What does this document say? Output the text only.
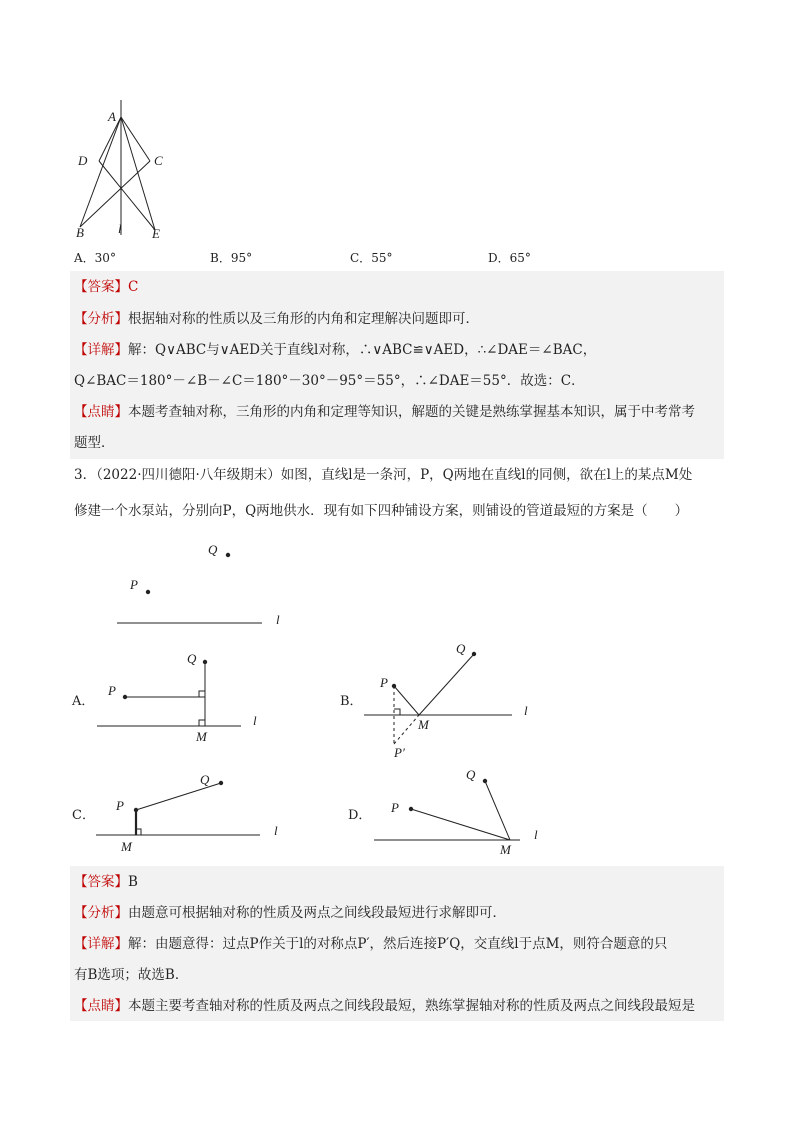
A
D	C
B	E
l
A．30°	B．95°	C．55°	D．65°
【答案】C
【分析】根据轴对称的性质以及三角形的内角和定理解决问题即可．
【详解】解：Q∨ABC与∨AED关于直线l对称，∴∨ABC≌∨AED，∴∠DAE＝∠BAC，
Q∠BAC＝180°－∠B－∠C＝180°－30°－95°＝55°，∴∠DAE＝55°．故选：C．
【点睛】本题考查轴对称，三角形的内角和定理等知识，解题的关键是熟练掌握基本知识，属于中考常考
题型．
3．（2022·四川德阳·八年级期末）如图，直线l是一条河，P，Q两地在直线l的同侧，欲在l上的某点M处
修建一个水泵站，分别向P，Q两地供水．现有如下四种铺设方案，则铺设的管道最短的方案是（　　）
Q
P
l
A．
P
Q
M
l
B．
P
Q
M
l
P′
C．
P
Q
M
l
D．
P
Q
M
l
【答案】B
【分析】由题意可根据轴对称的性质及两点之间线段最短进行求解即可．
【详解】解：由题意得：过点P作关于l的对称点P′，然后连接P′Q，交直线l于点M，则符合题意的只
有B选项；故选B．
【点睛】本题主要考查轴对称的性质及两点之间线段最短，熟练掌握轴对称的性质及两点之间线段最短是
